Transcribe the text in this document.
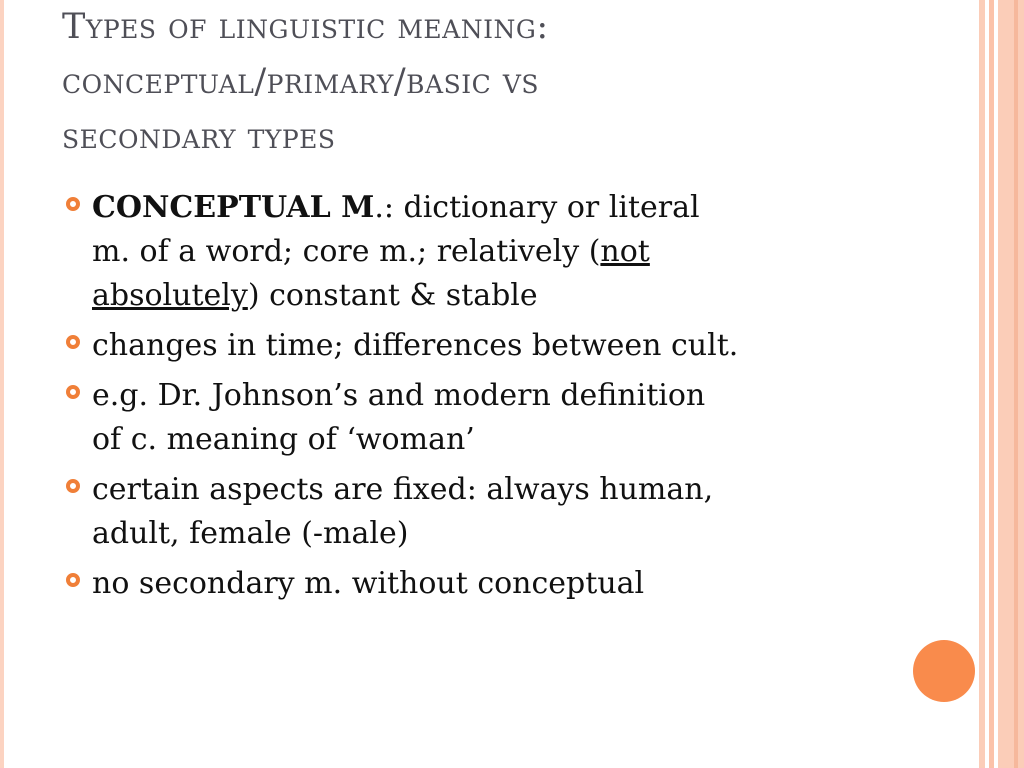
Types of linguistic meaning:
conceptual/primary/basic vs
secondary types
CONCEPTUAL M.: dictionary or literal
m. of a word; core m.; relatively (not
absolutely) constant & stable
changes in time; differences between cult.
e.g. Dr. Johnson’s and modern definition
of c. meaning of ‘woman’
certain aspects are fixed: always human,
adult, female (-male)
no secondary m. without conceptual
